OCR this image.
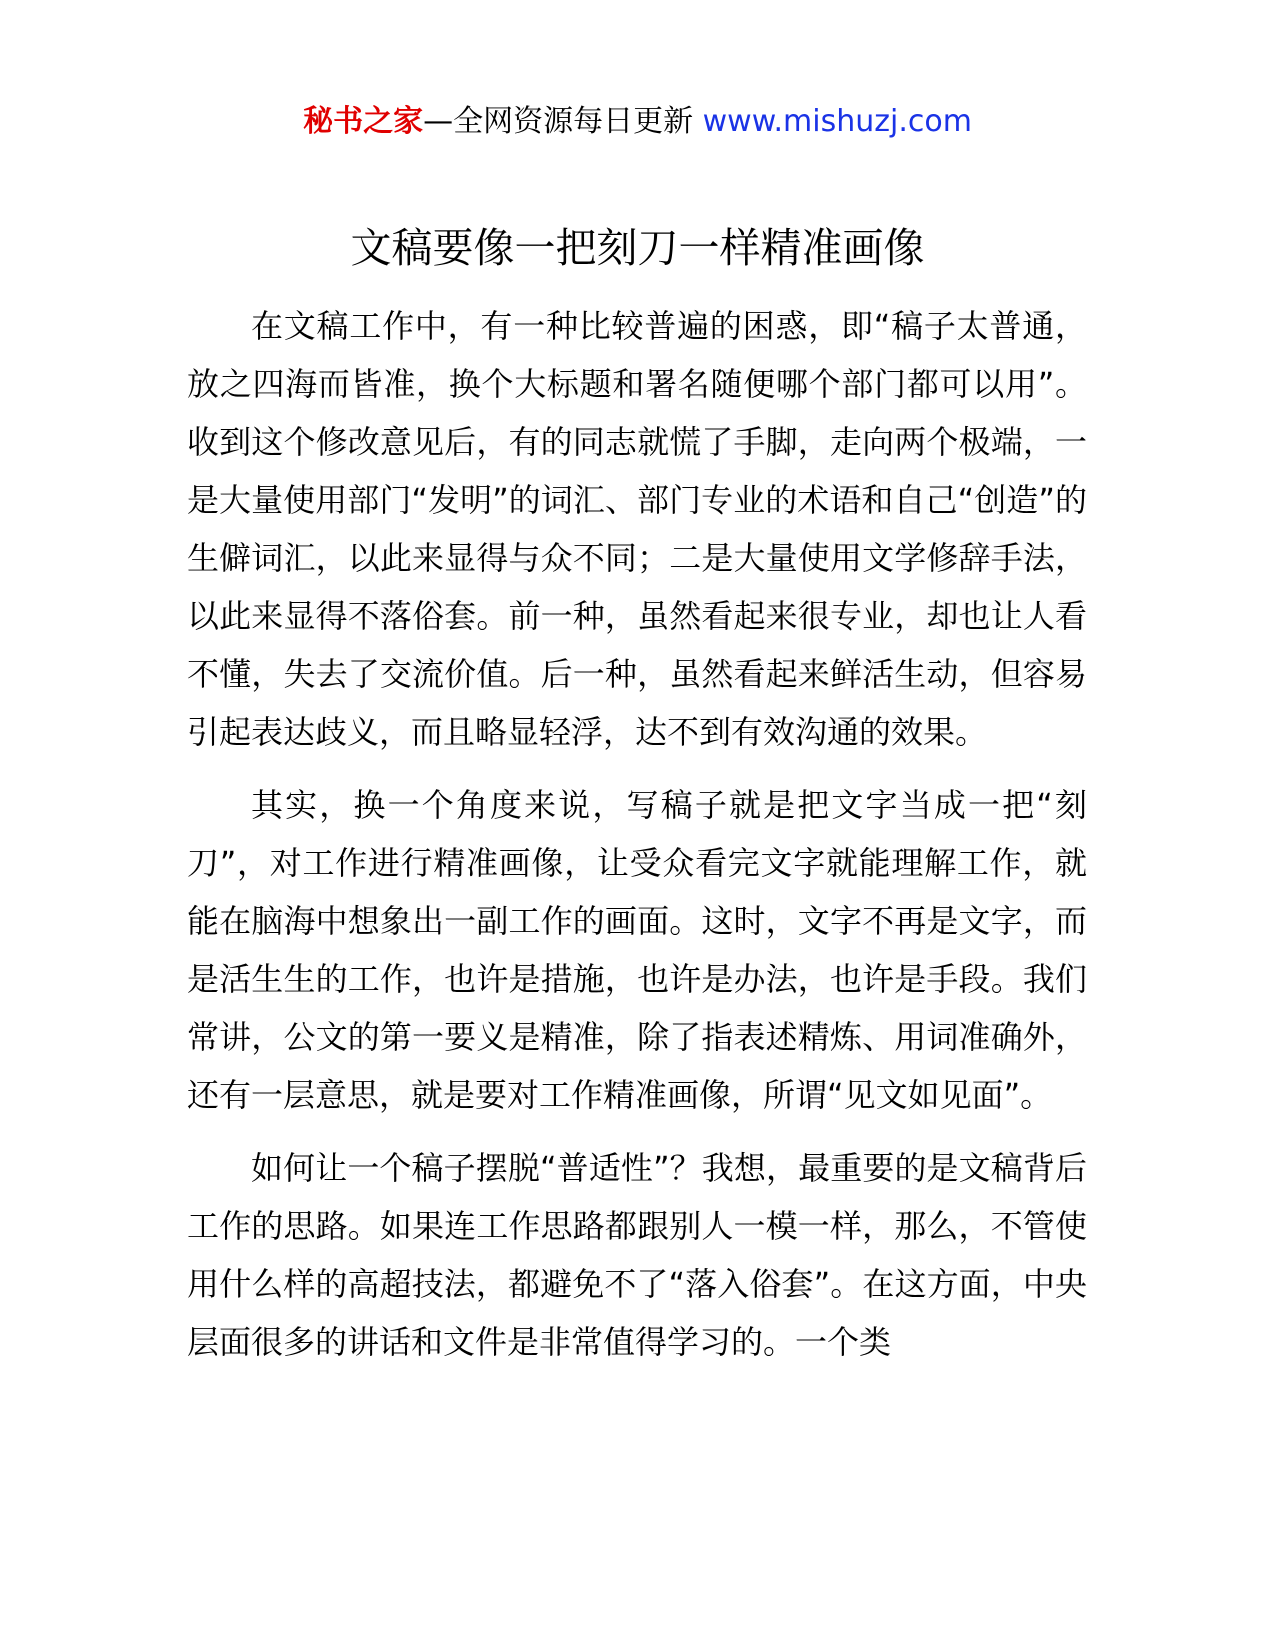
秘书之家—全网资源每日更新 www.mishuzj.com
文稿要像一把刻刀一样精准画像

在文稿工作中，有一种比较普遍的困惑，即“稿子太普通，放之四海而皆准，换个大标题和署名随便哪个部门都可以用”。收到这个修改意见后，有的同志就慌了手脚，走向两个极端，一是大量使用部门“发明”的词汇、部门专业的术语和自己“创造”的生僻词汇，以此来显得与众不同；二是大量使用文学修辞手法，以此来显得不落俗套。前一种，虽然看起来很专业，却也让人看不懂，失去了交流价值。后一种，虽然看起来鲜活生动，但容易引起表达歧义，而且略显轻浮，达不到有效沟通的效果。

其实，换一个角度来说，写稿子就是把文字当成一把“刻刀”，对工作进行精准画像，让受众看完文字就能理解工作，就能在脑海中想象出一副工作的画面。这时，文字不再是文字，而是活生生的工作，也许是措施，也许是办法，也许是手段。我们常讲，公文的第一要义是精准，除了指表述精炼、用词准确外，还有一层意思，就是要对工作精准画像，所谓“见文如见面”。

如何让一个稿子摆脱“普适性”？我想，最重要的是文稿背后工作的思路。如果连工作思路都跟别人一模一样，那么，不管使用什么样的高超技法，都避免不了“落入俗套”。在这方面，中央层面很多的讲话和文件是非常值得学习的。一个类
